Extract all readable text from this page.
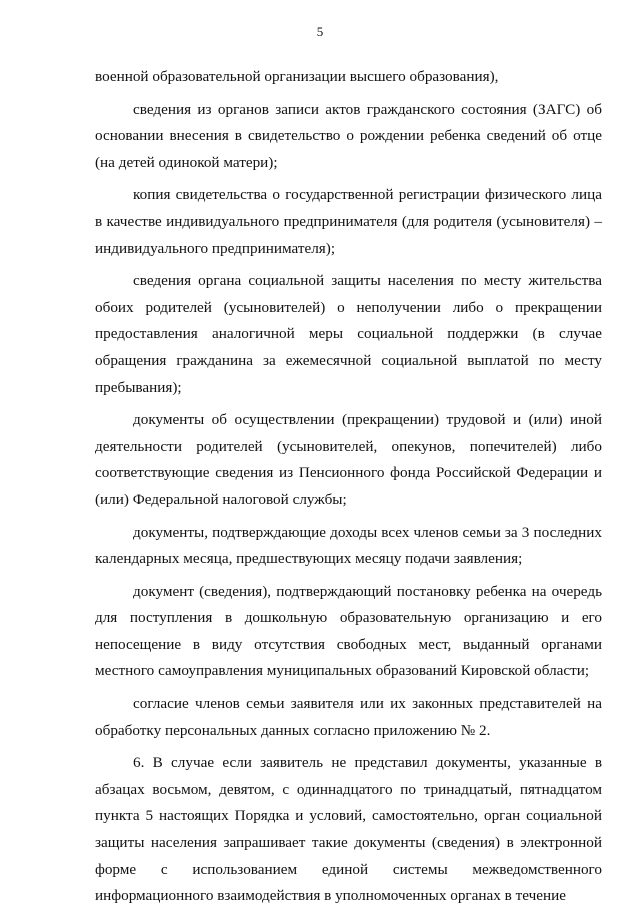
5

военной образовательной организации высшего образования),

сведения из органов записи актов гражданского состояния (ЗАГС) об основании внесения в свидетельство о рождении ребенка сведений об отце (на детей одинокой матери);

копия свидетельства о государственной регистрации физического лица в качестве индивидуального предпринимателя (для родителя (усыновителя) – индивидуального предпринимателя);

сведения органа социальной защиты населения по месту жительства обоих родителей (усыновителей) о неполучении либо о прекращении предоставления аналогичной меры социальной поддержки (в случае обращения гражданина за ежемесячной социальной выплатой по месту пребывания);

документы об осуществлении (прекращении) трудовой и (или) иной деятельности родителей (усыновителей, опекунов, попечителей) либо соответствующие сведения из Пенсионного фонда Российской Федерации и (или) Федеральной налоговой службы;

документы, подтверждающие доходы всех членов семьи за 3 последних календарных месяца, предшествующих месяцу подачи заявления;

документ (сведения), подтверждающий постановку ребенка на очередь для поступления в дошкольную образовательную организацию и его непосещение в виду отсутствия свободных мест, выданный органами местного самоуправления муниципальных образований Кировской области;

согласие членов семьи заявителя или их законных представителей на обработку персональных данных согласно приложению № 2.

6. В случае если заявитель не представил документы, указанные в абзацах восьмом, девятом, с одиннадцатого по тринадцатый, пятнадцатом пункта 5 настоящих Порядка и условий, самостоятельно, орган социальной защиты населения запрашивает такие документы (сведения) в электронной форме с использованием единой системы межведомственного информационного взаимодействия в уполномоченных органах в течение
